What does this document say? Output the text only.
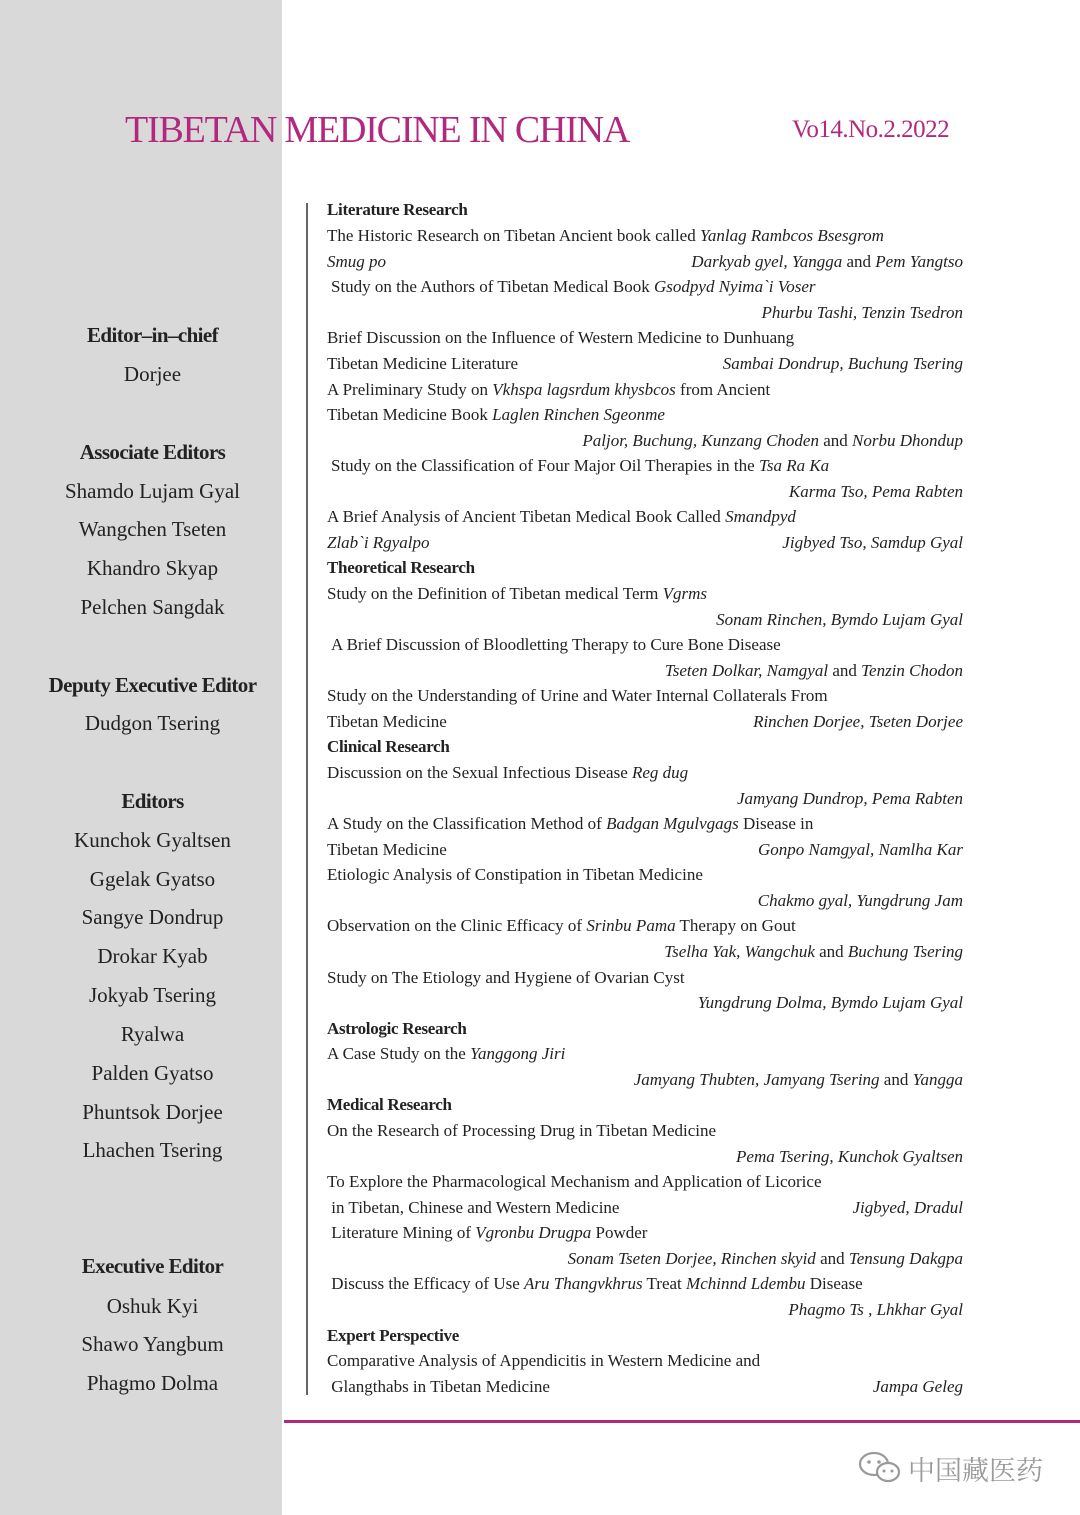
TIBETAN MEDICINE IN CHINA	Vo14.No.2.2022
Editor–in–chief
Dorjee
Associate Editors
Shamdo Lujam Gyal
Wangchen Tseten
Khandro Skyap
Pelchen Sangdak
Deputy Executive Editor
Dudgon Tsering
Editors
Kunchok Gyaltsen
Ggelak Gyatso
Sangye Dondrup
Drokar Kyab
Jokyab Tsering
Ryalwa
Palden Gyatso
Phuntsok Dorjee
Lhachen Tsering
Executive Editor
Oshuk Kyi
Shawo Yangbum
Phagmo Dolma
Literature Research
The Historic Research on Tibetan Ancient book called Yanlag Rambcos Bsesgrom
Smug po	Darkyab gyel, Yangga and Pem Yangtso
Study on the Authors of Tibetan Medical Book Gsodpyd Nyima`i Voser
Phurbu Tashi, Tenzin Tsedron
Brief Discussion on the Influence of Western Medicine to Dunhuang
Tibetan Medicine Literature	Sambai Dondrup, Buchung Tsering
A Preliminary Study on Vkhspa lagsrdum khysbcos from Ancient
Tibetan Medicine Book Laglen Rinchen Sgeonme
Paljor, Buchung, Kunzang Choden and Norbu Dhondup
Study on the Classification of Four Major Oil Therapies in the Tsa Ra Ka
Karma Tso, Pema Rabten
A Brief Analysis of Ancient Tibetan Medical Book Called Smandpyd
Zlab`i Rgyalpo	Jigbyed Tso, Samdup Gyal
Theoretical Research
Study on the Definition of Tibetan medical Term Vgrms
Sonam Rinchen, Bymdo Lujam Gyal
A Brief Discussion of Bloodletting Therapy to Cure Bone Disease
Tseten Dolkar, Namgyal and Tenzin Chodon
Study on the Understanding of Urine and Water Internal Collaterals From
Tibetan Medicine	Rinchen Dorjee, Tseten Dorjee
Clinical Research
Discussion on the Sexual Infectious Disease Reg dug
Jamyang Dundrop, Pema Rabten
A Study on the Classification Method of Badgan Mgulvgags Disease in
Tibetan Medicine	Gonpo Namgyal, Namlha Kar
Etiologic Analysis of Constipation in Tibetan Medicine
Chakmo gyal, Yungdrung Jam
Observation on the Clinic Efficacy of Srinbu Pama Therapy on Gout
Tselha Yak, Wangchuk and Buchung Tsering
Study on The Etiology and Hygiene of Ovarian Cyst
Yungdrung Dolma, Bymdo Lujam Gyal
Astrologic Research
A Case Study on the Yanggong Jiri
Jamyang Thubten, Jamyang Tsering and Yangga
Medical Research
On the Research of Processing Drug in Tibetan Medicine
Pema Tsering, Kunchok Gyaltsen
To Explore the Pharmacological Mechanism and Application of Licorice
in Tibetan, Chinese and Western Medicine	Jigbyed, Dradul
Literature Mining of Vgronbu Drugpa Powder
Sonam Tseten Dorjee, Rinchen skyid and Tensung Dakgpa
Discuss the Efficacy of Use Aru Thangvkhrus Treat Mchinnd Ldembu Disease
Phagmo Ts , Lhkhar Gyal
Expert Perspective
Comparative Analysis of Appendicitis in Western Medicine and
Glangthabs in Tibetan Medicine	Jampa Geleg
中国藏医药
